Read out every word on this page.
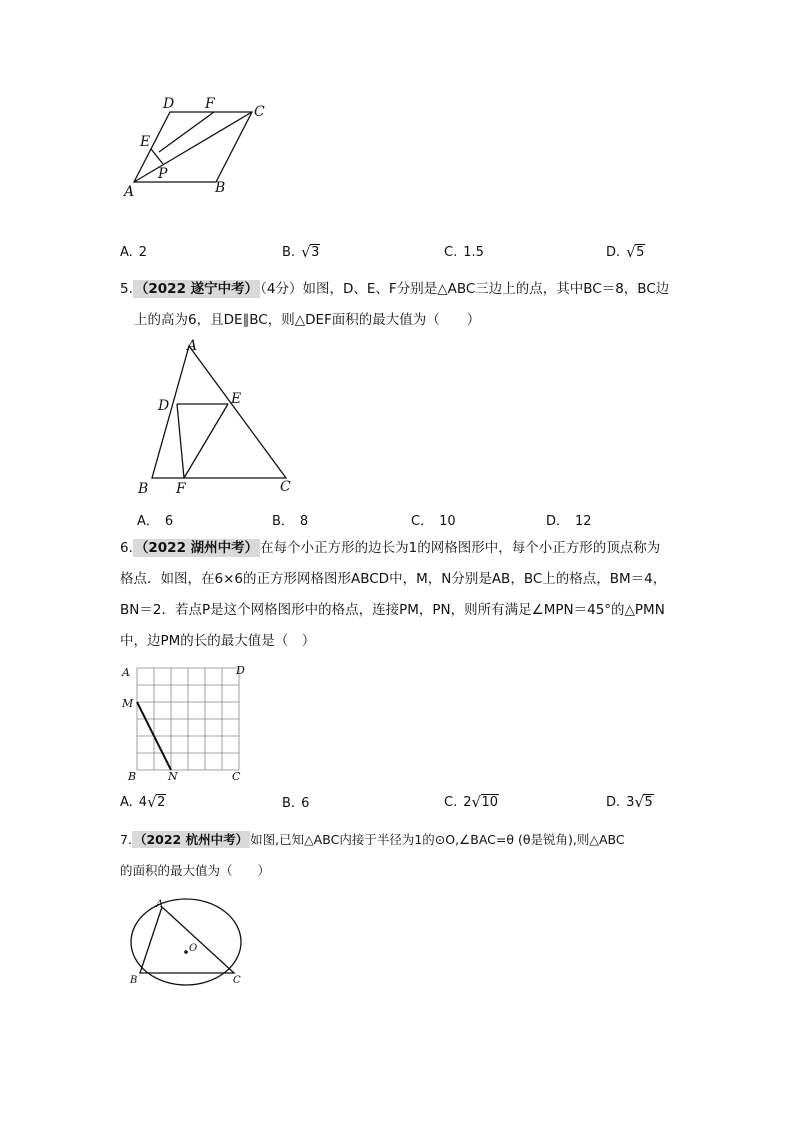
D F	C
E
P
A	B
A. 2	B. √ 3	C. 1.5	D. √ 5

5. （2022 遂宁中考） （4分）如图，D、E、F分别是△ABC三边上的点，其中BC＝8，BC边

上的高为6，且DE∥BC，则△DEF面积的最大值为（　　）

A
D	E
B F	C
A． 6	B． 8	C． 10	D． 12

6. （2022 湖州中考） 在每个小正方形的边长为1的网格图形中，每个小正方形的顶点称为

格点．如图，在6×6的正方形网格图形ABCD中，M，N分别是AB，BC上的格点，BM＝4，

BN＝2．若点P是这个网格图形中的格点，连接PM，PN，则所有满足∠MPN＝45°的△PMN

中，边PM的长的最大值是（　）

A	D
M
B	N	C
A. 4 √ 2	B. 6	C. 2 √ 10	D. 3 √ 5

7. （2022 杭州中考） 如图,已知△ABC内接于半径为1的⊙O,∠BAC=θ (θ是锐角),则△ABC

的面积的最大值为（　　）

A
O
B	C
